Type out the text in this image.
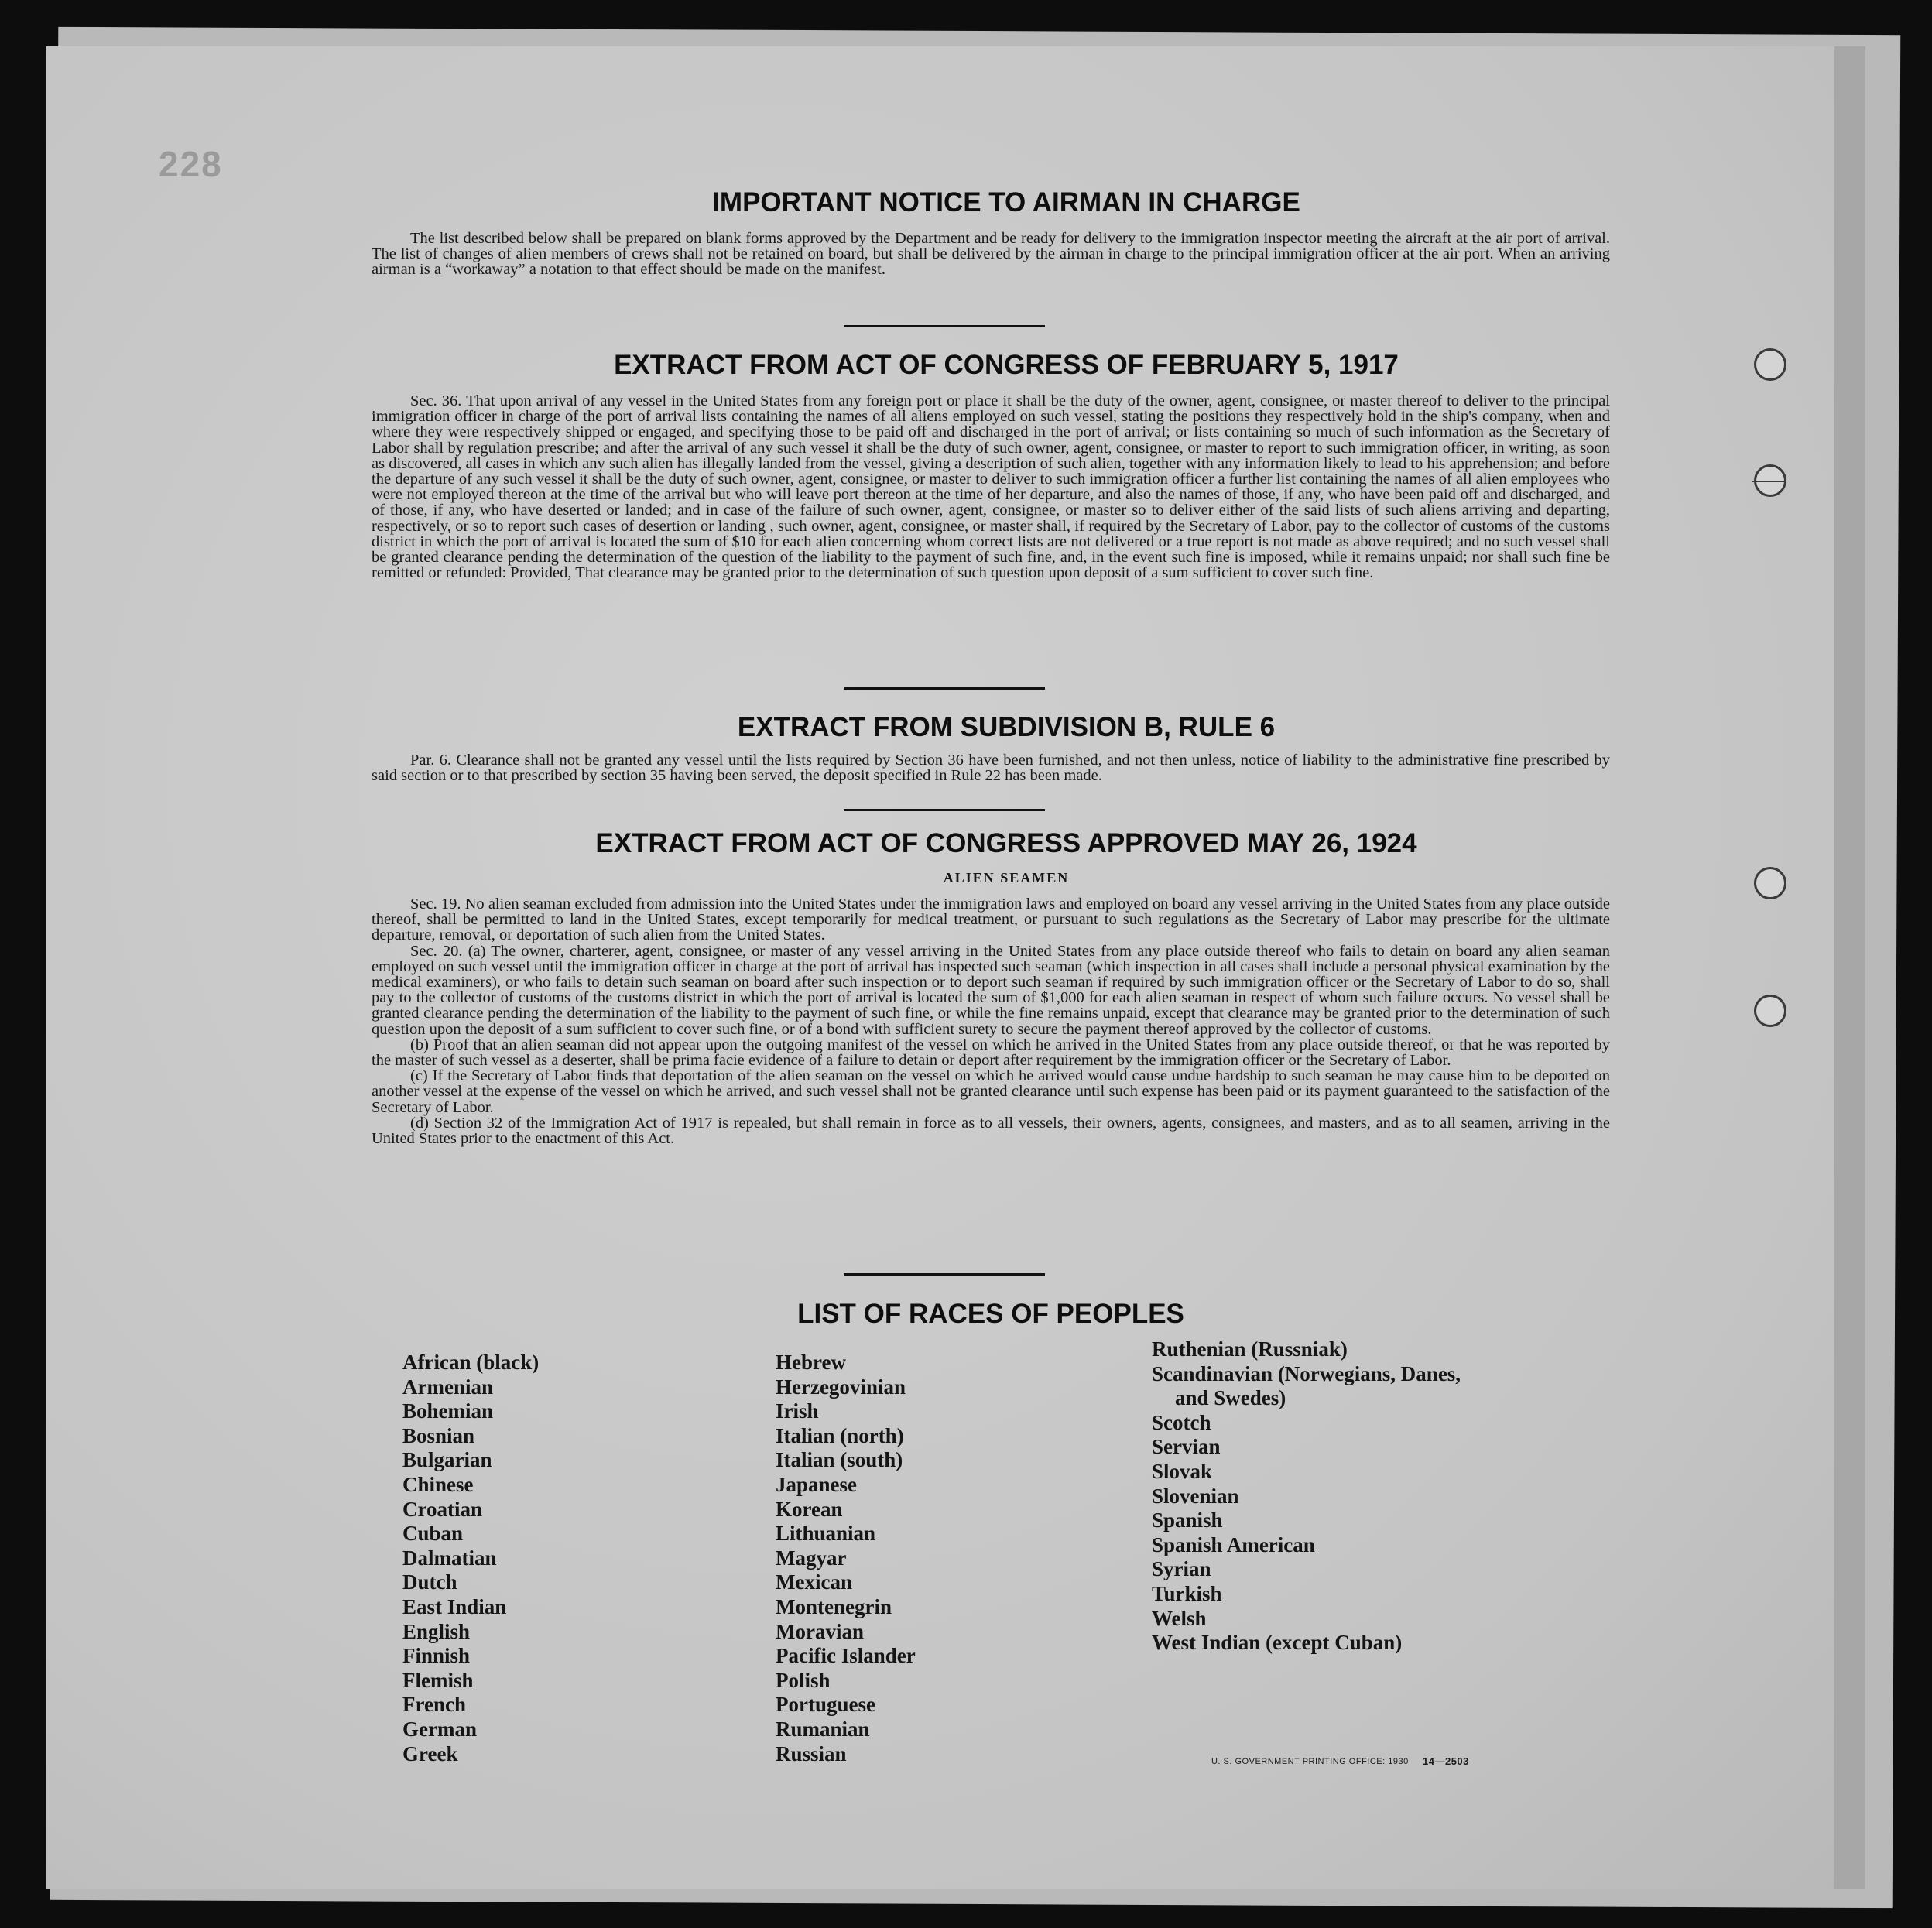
228
IMPORTANT NOTICE TO AIRMAN IN CHARGE

The list described below shall be prepared on blank forms approved by the Department and be ready for delivery to the immigration inspector meeting the aircraft at the air port of arrival. The list of changes of alien members of crews shall not be retained on board, but shall be delivered by the airman in charge to the principal immigration officer at the air port. When an arriving airman is a “workaway” a notation to that effect should be made on the manifest.

EXTRACT FROM ACT OF CONGRESS OF FEBRUARY 5, 1917

Sec. 36. That upon arrival of any vessel in the United States from any foreign port or place it shall be the duty of the owner, agent, consignee, or master thereof to deliver to the principal immigration officer in charge of the port of arrival lists containing the names of all aliens employed on such vessel, stating the positions they respectively hold in the ship's company, when and where they were respectively shipped or engaged, and specifying those to be paid off and discharged in the port of arrival; or lists containing so much of such information as the Secretary of Labor shall by regulation prescribe; and after the arrival of any such vessel it shall be the duty of such owner, agent, consignee, or master to report to such immigration officer, in writing, as soon as discovered, all cases in which any such alien has illegally landed from the vessel, giving a description of such alien, together with any information likely to lead to his apprehension; and before the departure of any such vessel it shall be the duty of such owner, agent, consignee, or master to deliver to such immigration officer a further list containing the names of all alien employees who were not employed thereon at the time of the arrival but who will leave port thereon at the time of her departure, and also the names of those, if any, who have been paid off and discharged, and of those, if any, who have deserted or landed; and in case of the failure of such owner, agent, consignee, or master so to deliver either of the said lists of such aliens arriving and departing, respectively, or so to report such cases of desertion or landing , such owner, agent, consignee, or master shall, if required by the Secretary of Labor, pay to the collector of customs of the customs district in which the port of arrival is located the sum of $10 for each alien concerning whom correct lists are not delivered or a true report is not made as above required; and no such vessel shall be granted clearance pending the determination of the question of the liability to the payment of such fine, and, in the event such fine is imposed, while it remains unpaid; nor shall such fine be remitted or refunded: Provided, That clearance may be granted prior to the determination of such question upon deposit of a sum sufficient to cover such fine.

EXTRACT FROM SUBDIVISION B, RULE 6

Par. 6. Clearance shall not be granted any vessel until the lists required by Section 36 have been furnished, and not then unless, notice of liability to the administrative fine prescribed by said section or to that prescribed by section 35 having been served, the deposit specified in Rule 22 has been made.

EXTRACT FROM ACT OF CONGRESS APPROVED MAY 26, 1924
ALIEN SEAMEN

Sec. 19. No alien seaman excluded from admission into the United States under the immigration laws and employed on board any vessel arriving in the United States from any place outside thereof, shall be permitted to land in the United States, except temporarily for medical treatment, or pursuant to such regulations as the Secretary of Labor may prescribe for the ultimate departure, removal, or deportation of such alien from the United States.

Sec. 20. (a) The owner, charterer, agent, consignee, or master of any vessel arriving in the United States from any place outside thereof who fails to detain on board any alien seaman employed on such vessel until the immigration officer in charge at the port of arrival has inspected such seaman (which inspection in all cases shall include a personal physical examination by the medical examiners), or who fails to detain such seaman on board after such inspection or to deport such seaman if required by such immigration officer or the Secretary of Labor to do so, shall pay to the collector of customs of the customs district in which the port of arrival is located the sum of $1,000 for each alien seaman in respect of whom such failure occurs. No vessel shall be granted clearance pending the determination of the liability to the payment of such fine, or while the fine remains unpaid, except that clearance may be granted prior to the determination of such question upon the deposit of a sum sufficient to cover such fine, or of a bond with sufficient surety to secure the payment thereof approved by the collector of customs.

(b) Proof that an alien seaman did not appear upon the outgoing manifest of the vessel on which he arrived in the United States from any place outside thereof, or that he was reported by the master of such vessel as a deserter, shall be prima facie evidence of a failure to detain or deport after requirement by the immigration officer or the Secretary of Labor.

(c) If the Secretary of Labor finds that deportation of the alien seaman on the vessel on which he arrived would cause undue hardship to such seaman he may cause him to be deported on another vessel at the expense of the vessel on which he arrived, and such vessel shall not be granted clearance until such expense has been paid or its payment guaranteed to the satisfaction of the Secretary of Labor.

(d) Section 32 of the Immigration Act of 1917 is repealed, but shall remain in force as to all vessels, their owners, agents, consignees, and masters, and as to all seamen, arriving in the United States prior to the enactment of this Act.

LIST OF RACES OF PEOPLES
African (black)
Armenian
Bohemian
Bosnian
Bulgarian
Chinese
Croatian
Cuban
Dalmatian
Dutch
East Indian
English
Finnish
Flemish
French
German
Greek
Hebrew
Herzegovinian
Irish
Italian (north)
Italian (south)
Japanese
Korean
Lithuanian
Magyar
Mexican
Montenegrin
Moravian
Pacific Islander
Polish
Portuguese
Rumanian
Russian
Ruthenian (Russniak)
Scandinavian (Norwegians, Danes,
and Swedes)
Scotch
Servian
Slovak
Slovenian
Spanish
Spanish American
Syrian
Turkish
Welsh
West Indian (except Cuban)
U. S. GOVERNMENT PRINTING OFFICE: 1930 14—2503
